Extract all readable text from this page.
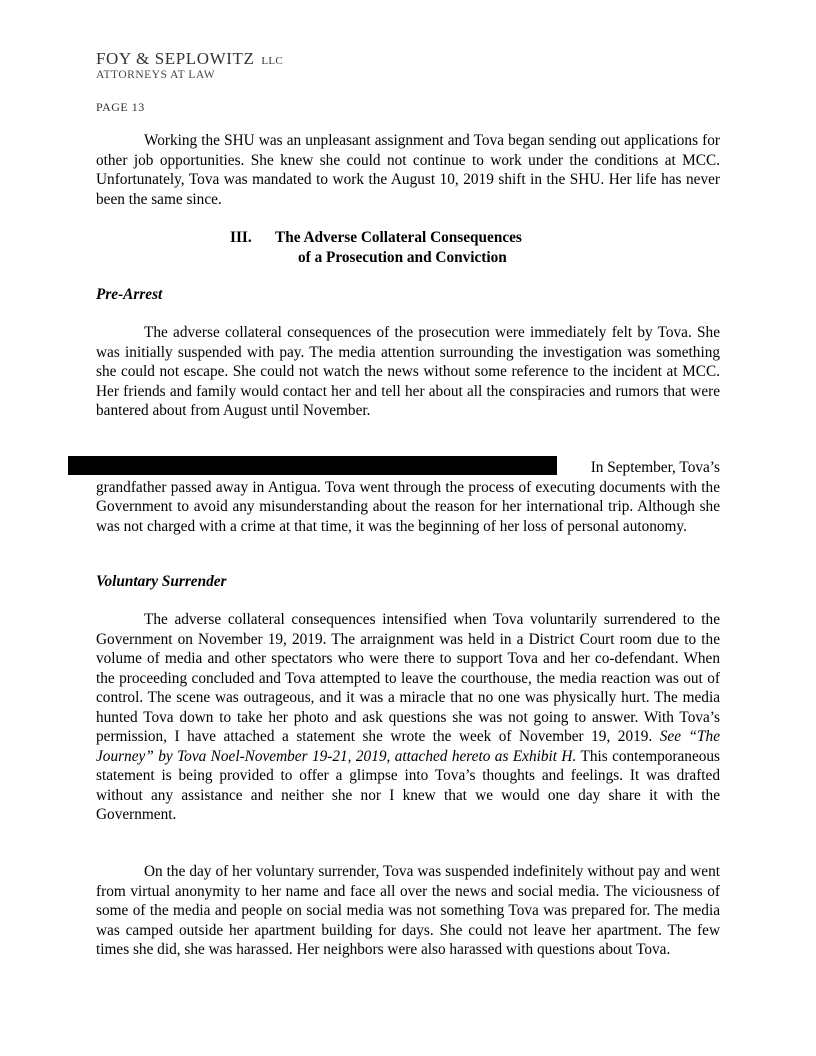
FOY & SEPLOWITZ LLC
ATTORNEYS AT LAW
PAGE 13

Working the SHU was an unpleasant assignment and Tova began sending out applications for other job opportunities. She knew she could not continue to work under the conditions at MCC. Unfortunately, Tova was mandated to work the August 10, 2019 shift in the SHU. Her life has never been the same since.

III. The Adverse Collateral Consequences
of a Prosecution and Conviction
Pre-Arrest

The adverse collateral consequences of the prosecution were immediately felt by Tova. She was initially suspended with pay. The media attention surrounding the investigation was something she could not escape. She could not watch the news without some reference to the incident at MCC. Her friends and family would contact her and tell her about all the conspiracies and rumors that were bantered about from August until November.

In September, Tova’s

grandfather passed away in Antigua. Tova went through the process of executing documents with the Government to avoid any misunderstanding about the reason for her international trip. Although she was not charged with a crime at that time, it was the beginning of her loss of personal autonomy.

Voluntary Surrender

The adverse collateral consequences intensified when Tova voluntarily surrendered to the Government on November 19, 2019. The arraignment was held in a District Court room due to the volume of media and other spectators who were there to support Tova and her co-defendant. When the proceeding concluded and Tova attempted to leave the courthouse, the media reaction was out of control. The scene was outrageous, and it was a miracle that no one was physically hurt. The media hunted Tova down to take her photo and ask questions she was not going to answer. With Tova’s permission, I have attached a statement she wrote the week of November 19, 2019. See “The Journey” by Tova Noel-November 19-21, 2019, attached hereto as Exhibit H. This contemporaneous statement is being provided to offer a glimpse into Tova’s thoughts and feelings. It was drafted without any assistance and neither she nor I knew that we would one day share it with the Government.

On the day of her voluntary surrender, Tova was suspended indefinitely without pay and went from virtual anonymity to her name and face all over the news and social media. The viciousness of some of the media and people on social media was not something Tova was prepared for. The media was camped outside her apartment building for days. She could not leave her apartment. The few times she did, she was harassed. Her neighbors were also harassed with questions about Tova.
